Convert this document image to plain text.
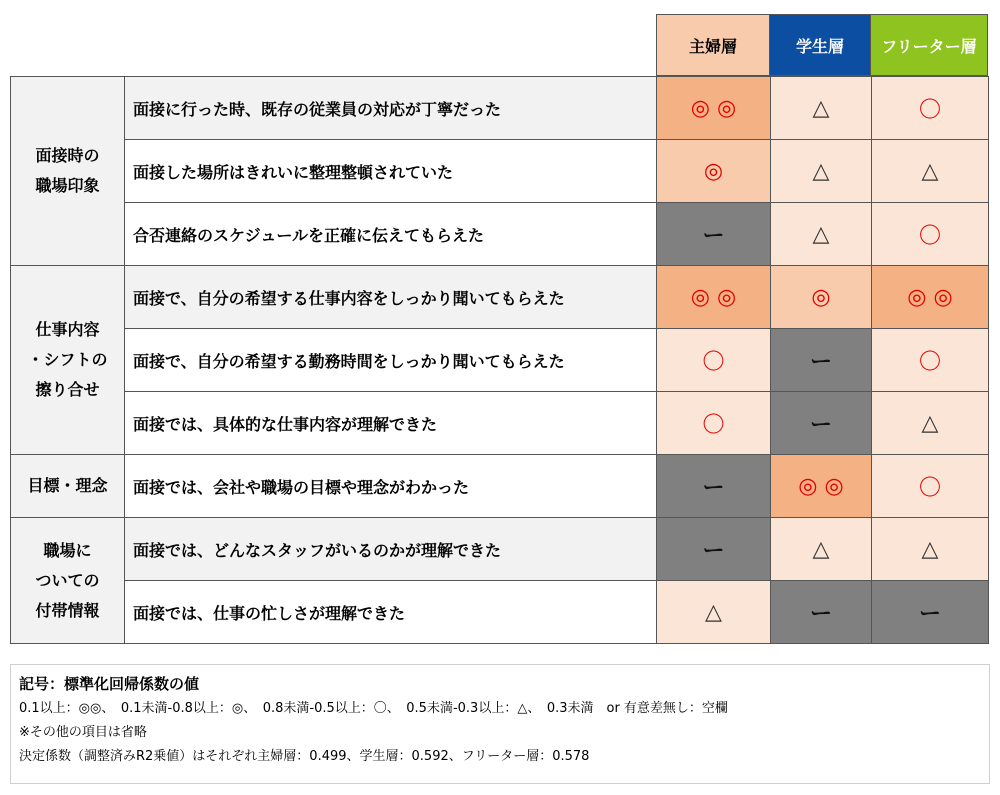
主婦層	学生層	フリーター層
面接時の
職場印象	面接に行った時、既存の従業員の対応が丁寧だった	◎ ◎	△	〇
	面接した場所はきれいに整理整頓されていた	◎	△	△
	合否連絡のスケジュールを正確に伝えてもらえた	ー	△	〇
仕事内容
・シフトの
擦り合せ	面接で、自分の希望する仕事内容をしっかり聞いてもらえた	◎ ◎	◎	◎ ◎
	面接で、自分の希望する勤務時間をしっかり聞いてもらえた	〇	ー	〇
	面接では、具体的な仕事内容が理解できた	〇	ー	△
目標・理念	面接では、会社や職場の目標や理念がわかった	ー	◎ ◎	〇
職場に
ついての
付帯情報	面接では、どんなスタッフがいるのかが理解できた	ー	△	△
	面接では、仕事の忙しさが理解できた	△	ー	ー
記号：標準化回帰係数の値
0.1以上：◎◎、　0.1未満-0.8以上：◎、　0.8未満-0.5以上：〇、　0.5未満-0.3以上：△、　0.3未満　or 有意差無し：空欄
※その他の項目は省略
決定係数（調整済みR2乗値）はそれぞれ主婦層：0.499、学生層：0.592、フリーター層：0.578
